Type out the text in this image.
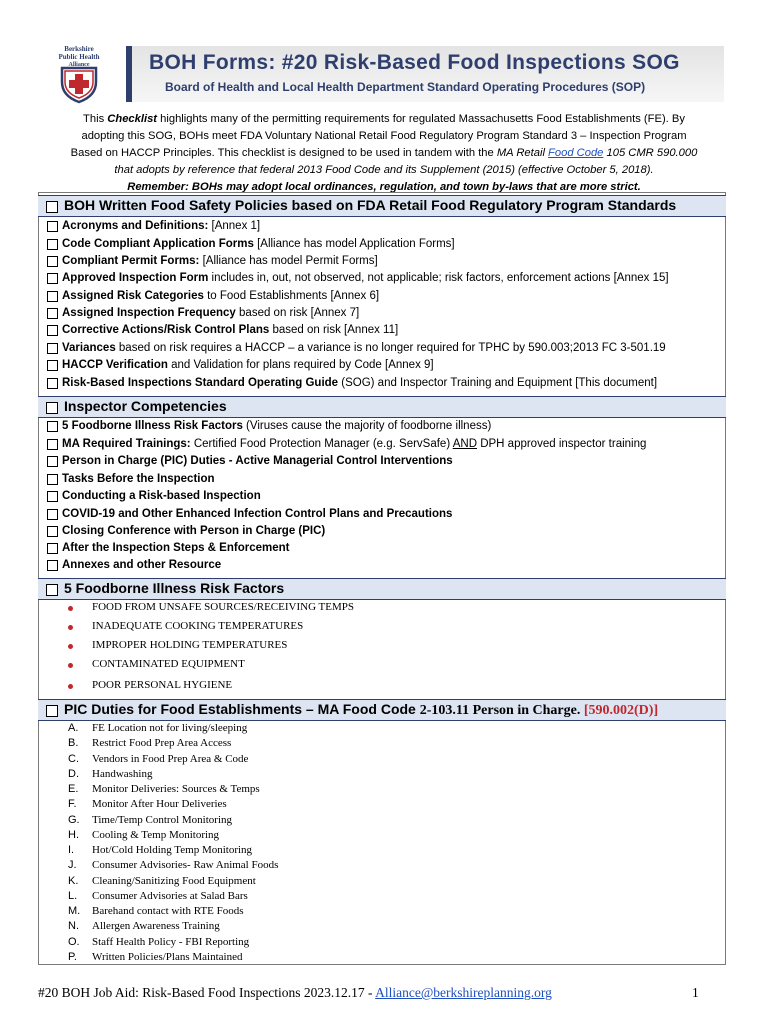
Berkshire
Public Health
Alliance	BOH Forms: #20 Risk-Based Food Inspections SOG
Board of Health and Local Health Department Standard Operating Procedures (SOP)
This Checklist highlights many of the permitting requirements for regulated Massachusetts Food Establishments (FE). By
adopting this SOG, BOHs meet FDA Voluntary National Retail Food Regulatory Program Standard 3 – Inspection Program
Based on HACCP Principles. This checklist is designed to be used in tandem with the MA Retail Food Code 105 CMR 590.000
that adopts by reference that federal 2013 Food Code and its Supplement (2015) (effective October 5, 2018).
Remember: BOHs may adopt local ordinances, regulation, and town by-laws that are more strict.
BOH Written Food Safety Policies based on FDA Retail Food Regulatory Program Standards
Acronyms and Definitions: [Annex 1]
Code Compliant Application Forms [Alliance has model Application Forms]
Compliant Permit Forms: [Alliance has model Permit Forms]
Approved Inspection Form includes in, out, not observed, not applicable; risk factors, enforcement actions [Annex 15]
Assigned Risk Categories to Food Establishments [Annex 6]
Assigned Inspection Frequency based on risk [Annex 7]
Corrective Actions/Risk Control Plans based on risk [Annex 11]
Variances based on risk requires a HACCP – a variance is no longer required for TPHC by 590.003;2013 FC 3-501.19
HACCP Verification and Validation for plans required by Code [Annex 9]
Risk-Based Inspections Standard Operating Guide (SOG) and Inspector Training and Equipment [This document]
Inspector Competencies
5 Foodborne Illness Risk Factors (Viruses cause the majority of foodborne illness)
MA Required Trainings: Certified Food Protection Manager (e.g. ServSafe) AND DPH approved inspector training
Person in Charge (PIC) Duties - Active Managerial Control Interventions
Tasks Before the Inspection
Conducting a Risk-based Inspection
COVID-19 and Other Enhanced Infection Control Plans and Precautions
Closing Conference with Person in Charge (PIC)
After the Inspection Steps & Enforcement
Annexes and other Resource
5 Foodborne Illness Risk Factors
FOOD FROM UNSAFE SOURCES/RECEIVING TEMPS
INADEQUATE COOKING TEMPERATURES
IMPROPER HOLDING TEMPERATURES
CONTAMINATED EQUIPMENT
POOR PERSONAL HYGIENE
PIC Duties for Food Establishments – MA Food Code 2-103.11 Person in Charge. [590.002(D)]
A. FE Location not for living/sleeping
B. Restrict Food Prep Area Access
C. Vendors in Food Prep Area & Code
D. Handwashing
E. Monitor Deliveries: Sources & Temps
F. Monitor After Hour Deliveries
G. Time/Temp Control Monitoring
H. Cooling & Temp Monitoring
I. Hot/Cold Holding Temp Monitoring
J. Consumer Advisories- Raw Animal Foods
K. Cleaning/Sanitizing Food Equipment
L. Consumer Advisories at Salad Bars
M. Barehand contact with RTE Foods
N. Allergen Awareness Training
O. Staff Health Policy - FBI Reporting
P. Written Policies/Plans Maintained
#20 BOH Job Aid: Risk-Based Food Inspections 2023.12.17 - Alliance@berkshireplanning.org	1
